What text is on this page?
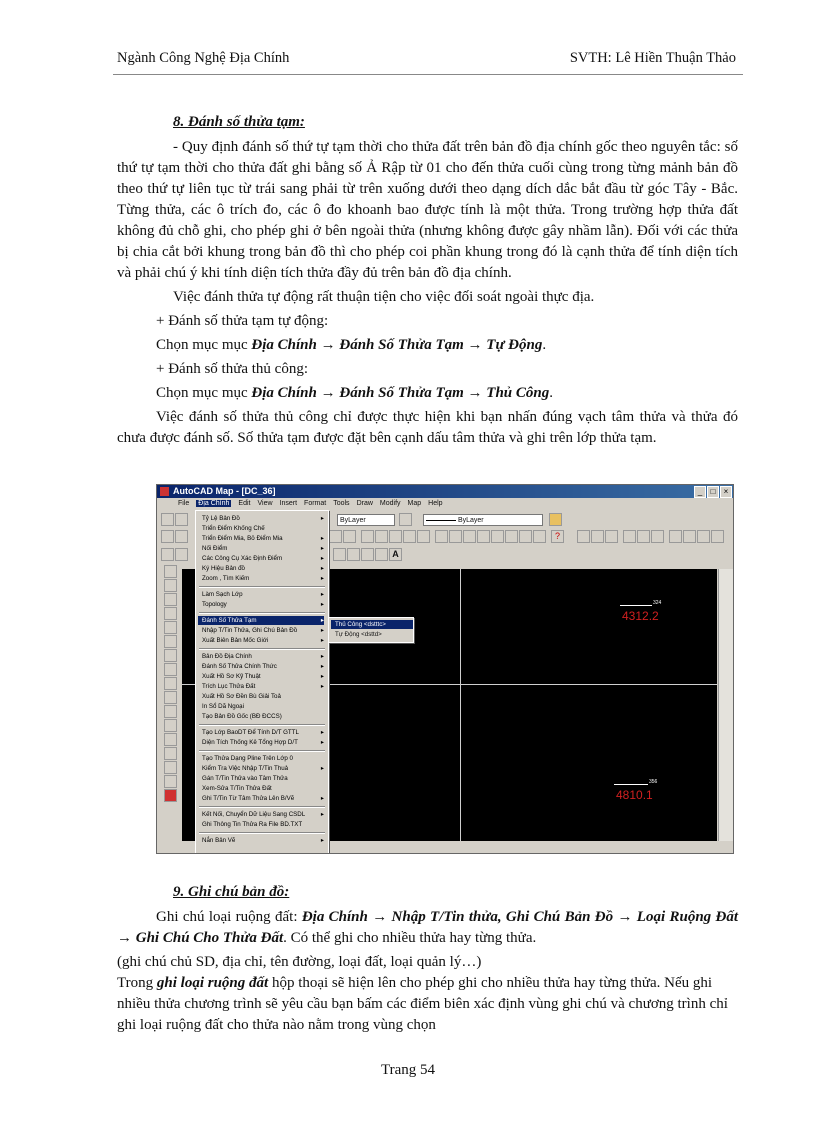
Ngành Công Nghệ Địa Chính	SVTH: Lê Hiền Thuận Thảo

8. Đánh số thửa tạm:

- Quy định đánh số thứ tự tạm thời cho thửa đất trên bản đồ địa chính gốc theo nguyên tắc: số thứ tự tạm thời cho thửa đất ghi bằng số Ả Rập từ 01 cho đến thửa cuối cùng trong từng mảnh bản đồ theo thứ tự liên tục từ trái sang phải từ trên xuống dưới theo dạng dích dắc bắt đầu từ góc Tây - Bắc. Từng thửa, các ô trích đo, các ô đo khoanh bao được tính là một thửa. Trong trường hợp thửa đất không đủ chỗ ghi, cho phép ghi ở bên ngoài thửa (nhưng không được gây nhầm lẫn). Đối với các thửa bị chia cắt bởi khung trong bản đồ thì cho phép coi phần khung trong đó là cạnh thửa để tính diện tích và phải chú ý khi tính diện tích thửa đầy đủ trên bản đồ địa chính.

Việc đánh thửa tự động rất thuận tiện cho việc đối soát ngoài thực địa.

+ Đánh số thửa tạm tự động:

Chọn mục mục Địa Chính → Đánh Số Thửa Tạm → Tự Động.

+ Đánh số thửa thủ công:

Chọn mục mục Địa Chính → Đánh Số Thửa Tạm → Thủ Công.

Việc đánh số thửa thủ công chỉ được thực hiện khi bạn nhấn đúng vạch tâm thửa và thửa đó chưa được đánh số. Số thửa tạm được đặt bên cạnh dấu tâm thửa và ghi trên lớp thửa tạm.

AutoCAD Map - [DC_36]	_	□	×
File Địa Chính Edit View Insert Format Tools Draw Modify Map Help
ByLayer	ByLayer
?
A
324
4312.2
356
4810.1
Tỷ Lệ Bản Đồ	▸
Triển Điểm Khống Chế
Triển Điểm Mia, Bỏ Điểm Mia	▸
Nối Điểm	▸
Các Công Cụ Xác Định Điểm	▸
Ký Hiệu Bản đồ	▸
Zoom , Tìm Kiếm	▸
Làm Sạch Lớp	▸
Topology	▸
Đánh Số Thửa Tạm	▸
Nhập T/Tin Thửa, Ghi Chú Bản Đồ	▸
Xuất Biên Bản Mốc Giới	▸
Bản Đồ Địa Chính	▸
Đánh Số Thửa Chính Thức	▸
Xuất Hồ Sơ Kỹ Thuật	▸
Trích Lục Thửa Đất	▸
Xuất Hồ Sơ Đền Bù Giải Toả
In Sổ Dã Ngoại
Tạo Bản Đồ Gốc (BĐ ĐCCS)
Tạo Lớp BaoDT Để Tính D/T GTTL	▸
Diện Tích Thống Kê Tổng Hợp D/T	▸
Tạo Thửa Dạng Pline Trên Lớp 0
Kiểm Tra Việc Nhập T/Tin Thuả	▸
Gán T/Tin Thửa vào Tâm Thửa
Xem-Sửa T/Tin Thửa Đất
Ghi T/Tin Từ Tâm Thửa Lên B/Vẽ	▸
Kết Nối, Chuyển Dữ Liệu Sang CSDL	▸
Ghi Thông Tin Thửa Ra File BD.TXT
Nắn Bản Vẽ	▸
Thủ Công <dstttc>
Tự Động <dsttd>

9. Ghi chú bản đồ:

Ghi chú loại ruộng đất: Địa Chính → Nhập T/Tin thửa, Ghi Chú Bản Đồ → Loại Ruộng Đất → Ghi Chú Cho Thửa Đất. Có thể ghi cho nhiều thửa hay từng thửa.

(ghi chú chủ SD, địa chỉ, tên đường, loại đất, loại quản lý…)

Trong ghi loại ruộng đất hộp thoại sẽ hiện lên cho phép ghi cho nhiều thửa hay từng thửa. Nếu ghi nhiều thửa chương trình sẽ yêu cầu bạn bấm các điểm biên xác định vùng ghi chú và chương trình chỉ ghi loại ruộng đất cho thửa nào nằm trong vùng chọn

Trang 54
